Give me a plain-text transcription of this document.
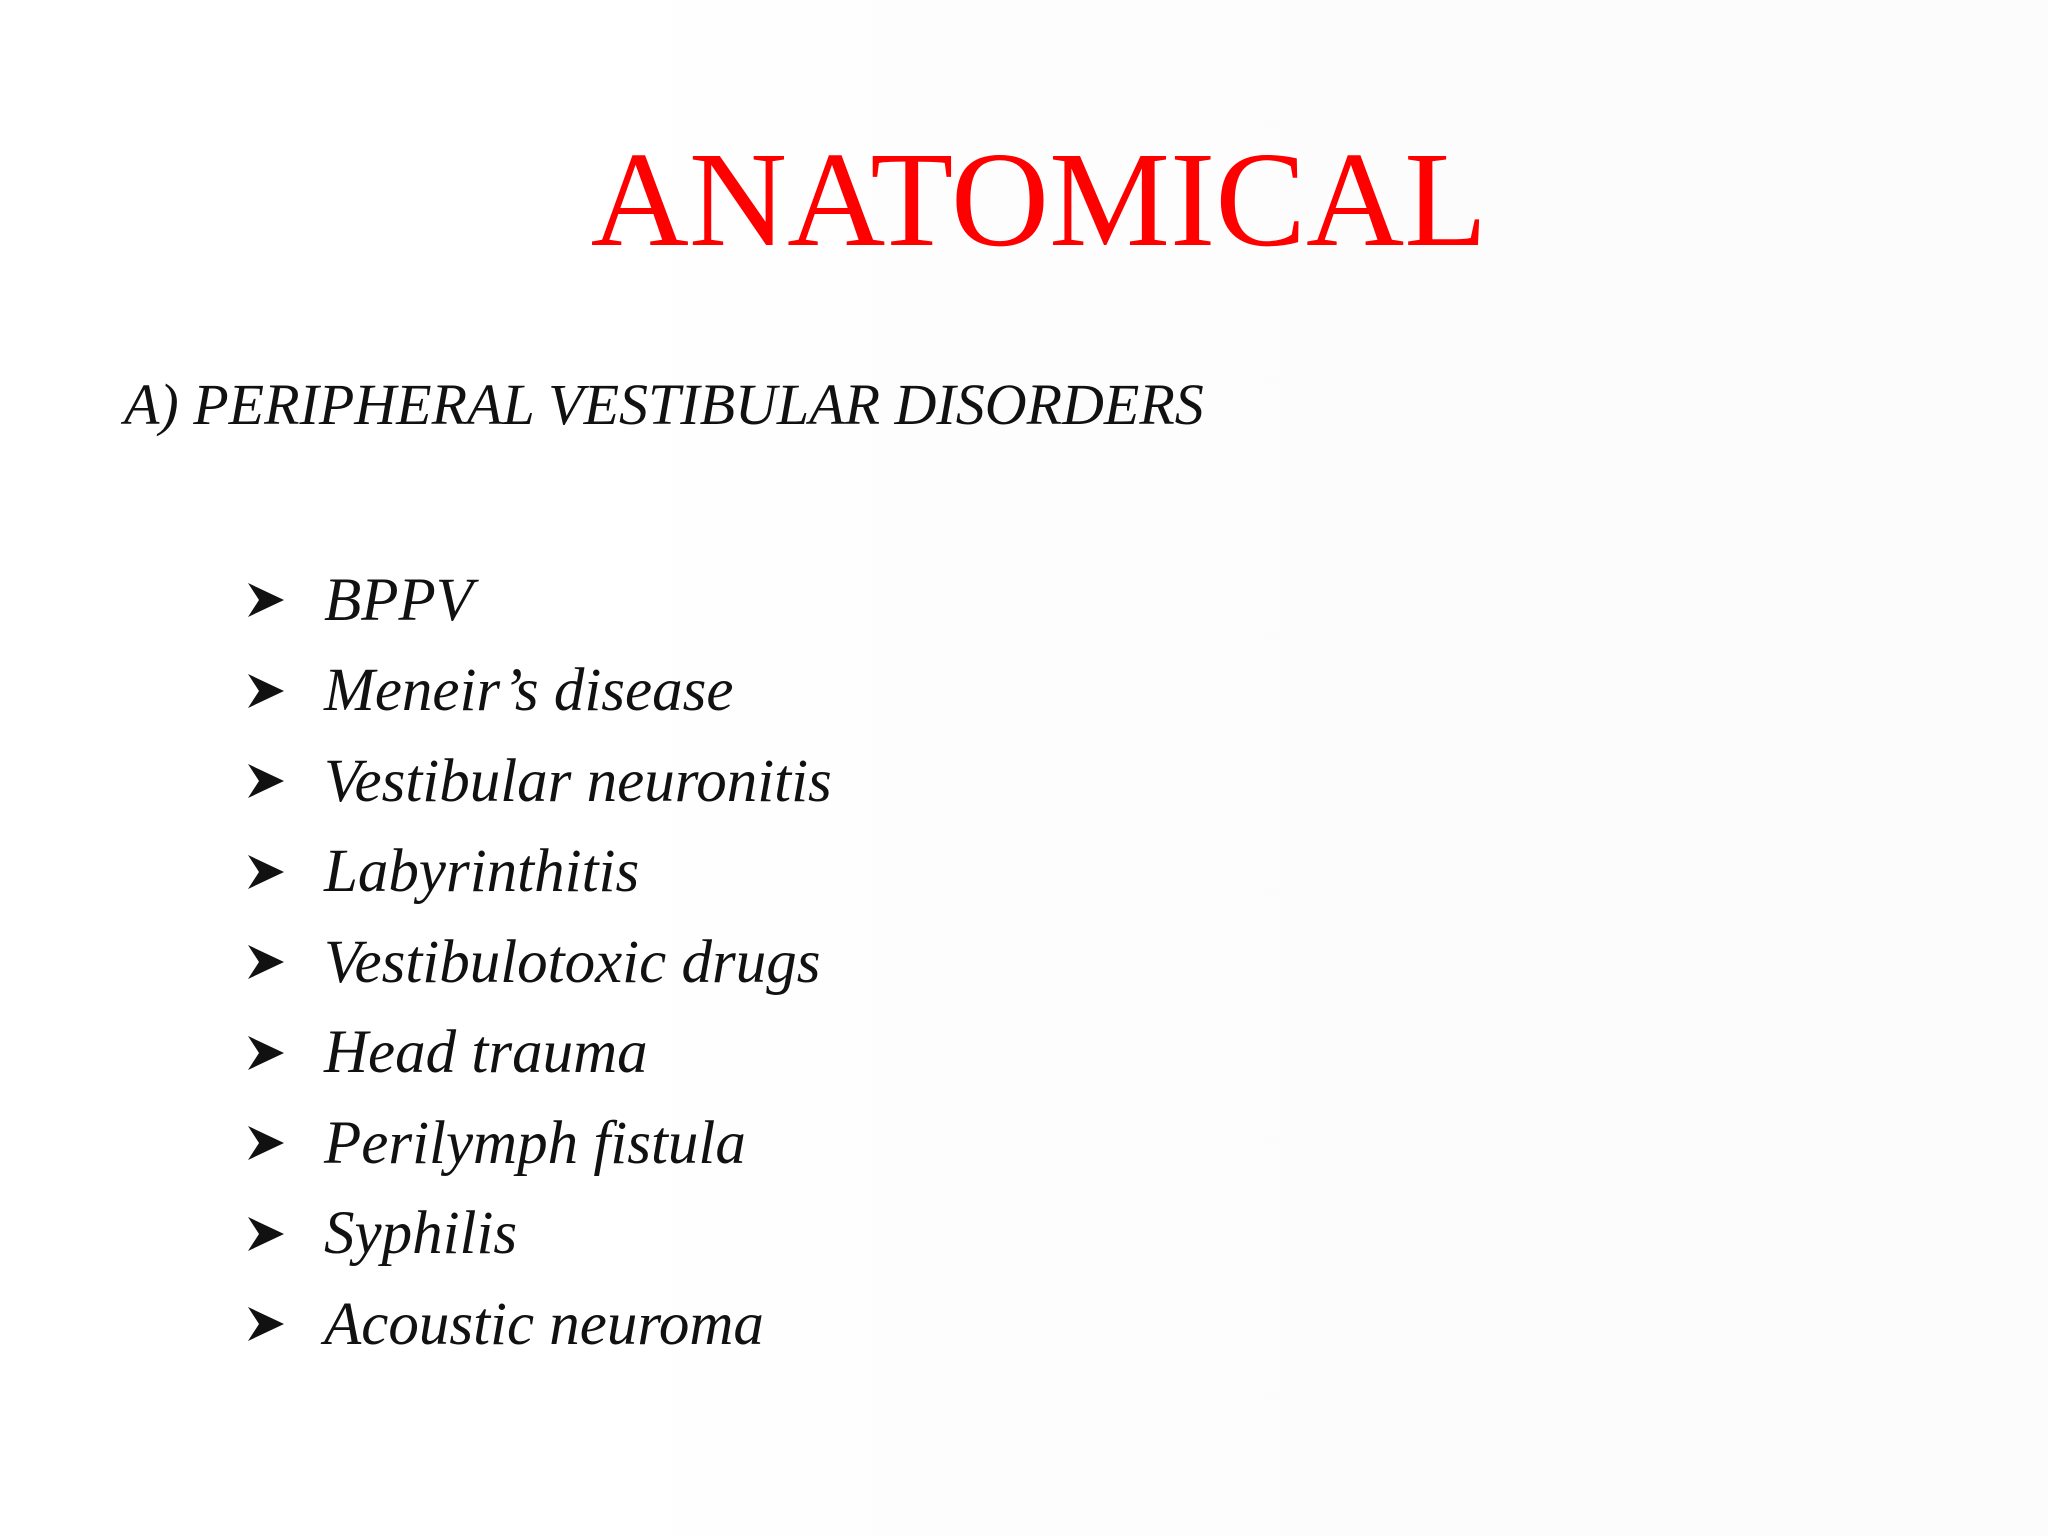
ANATOMICAL
A) PERIPHERAL VESTIBULAR DISORDERS
BPPV
Meneir’s disease
Vestibular neuronitis
Labyrinthitis
Vestibulotoxic drugs
Head trauma
Perilymph fistula
Syphilis
Acoustic neuroma
